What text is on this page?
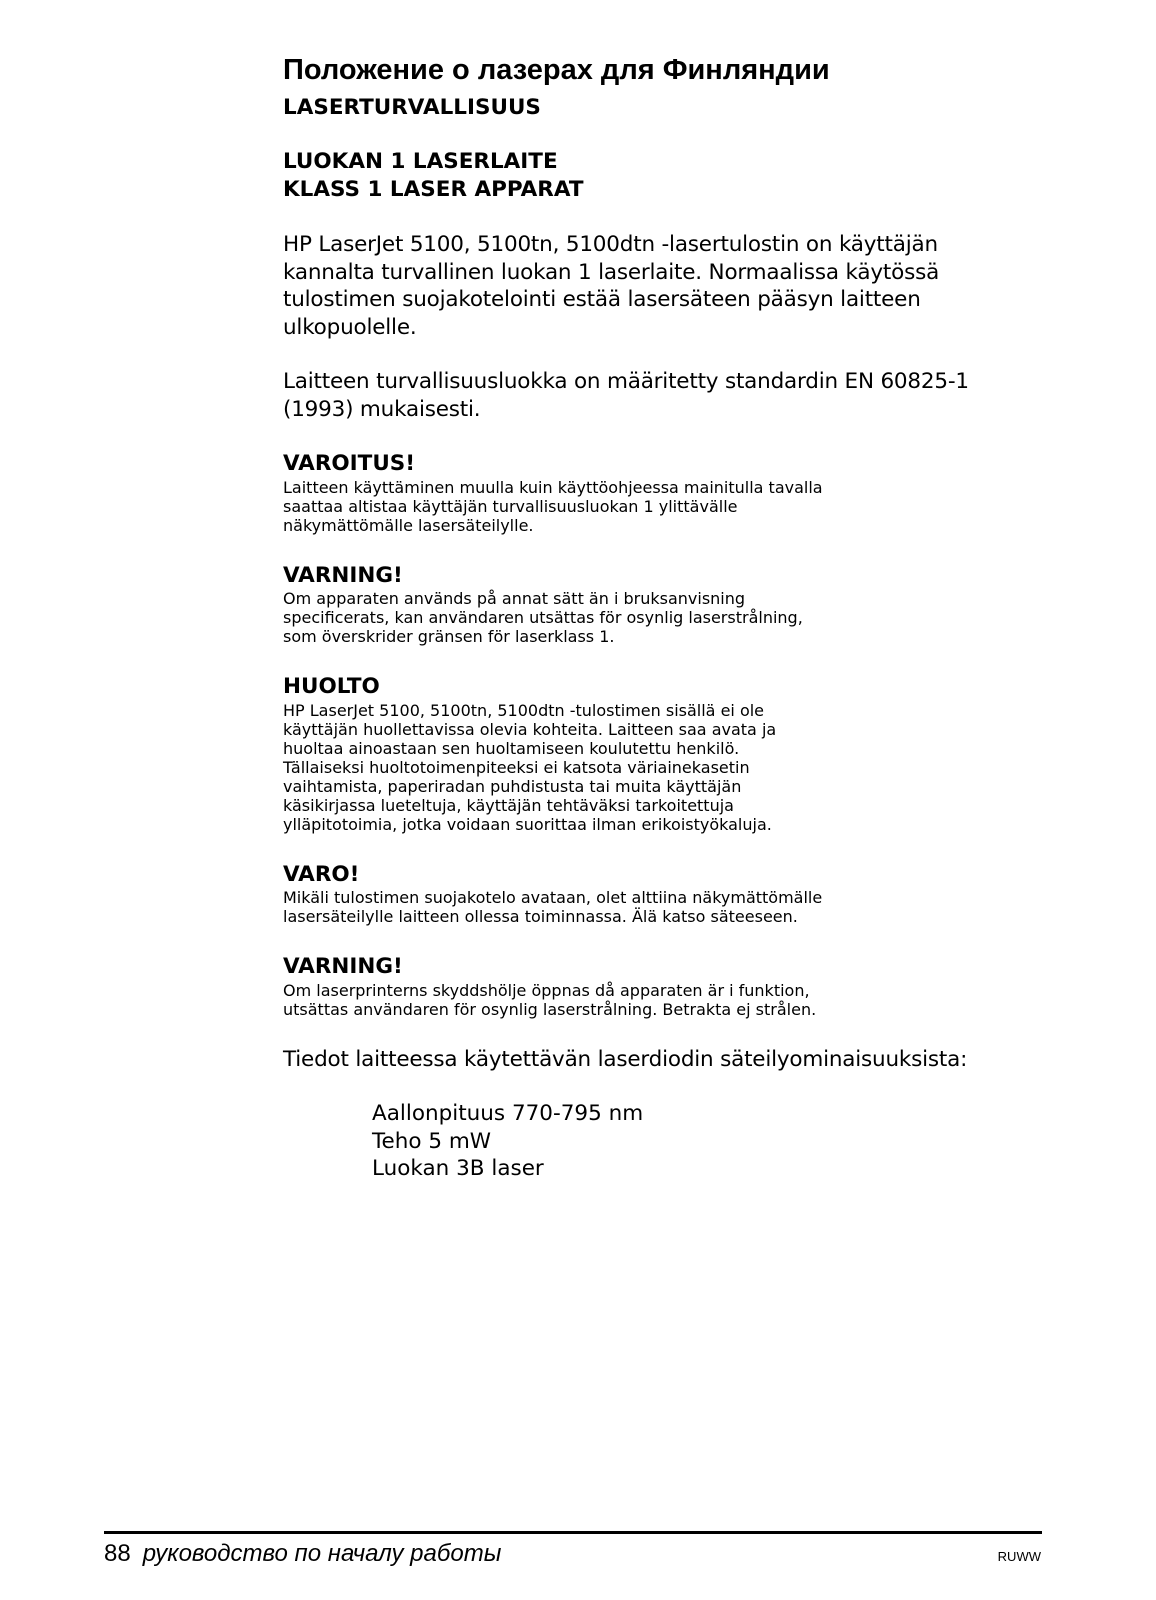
Положение о лазерах для Финляндии
LASERTURVALLISUUS
LUOKAN 1 LASERLAITE
KLASS 1 LASER APPARAT

HP LaserJet 5100, 5100tn, 5100dtn -lasertulostin on käyttäjän
kannalta turvallinen luokan 1 laserlaite. Normaalissa käytössä
tulostimen suojakotelointi estää lasersäteen pääsyn laitteen
ulkopuolelle.

Laitteen turvallisuusluokka on määritetty standardin EN 60825-1
(1993) mukaisesti.

VAROITUS!
Laitteen käyttäminen muulla kuin käyttöohjeessa mainitulla tavalla
saattaa altistaa käyttäjän turvallisuusluokan 1 ylittävälle
näkymättömälle lasersäteilylle.
VARNING!
Om apparaten används på annat sätt än i bruksanvisning
specificerats, kan användaren utsättas för osynlig laserstrålning,
som överskrider gränsen för laserklass 1.
HUOLTO
HP LaserJet 5100, 5100tn, 5100dtn -tulostimen sisällä ei ole
käyttäjän huollettavissa olevia kohteita. Laitteen saa avata ja
huoltaa ainoastaan sen huoltamiseen koulutettu henkilö.
Tällaiseksi huoltotoimenpiteeksi ei katsota väriainekasetin
vaihtamista, paperiradan puhdistusta tai muita käyttäjän
käsikirjassa lueteltuja, käyttäjän tehtäväksi tarkoitettuja
ylläpitotoimia, jotka voidaan suorittaa ilman erikoistyökaluja.
VARO!
Mikäli tulostimen suojakotelo avataan, olet alttiina näkymättömälle
lasersäteilylle laitteen ollessa toiminnassa. Älä katso säteeseen.
VARNING!
Om laserprinterns skyddshölje öppnas då apparaten är i funktion,
utsättas användaren för osynlig laserstrålning. Betrakta ej strålen.

Tiedot laitteessa käytettävän laserdiodin säteilyominaisuuksista:

Aallonpituus 770-795 nm
Teho 5 mW
Luokan 3B laser
88 руководство по началу работы	RUWW
